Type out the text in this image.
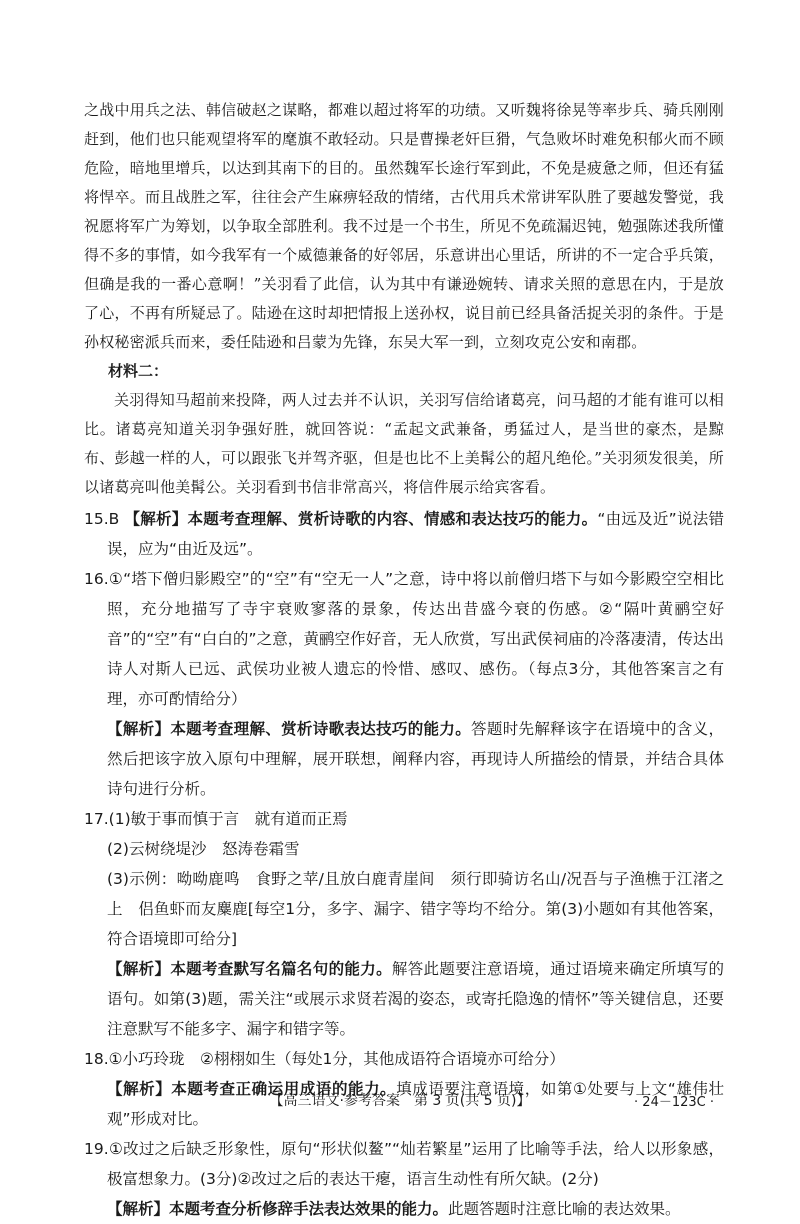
之战中用兵之法、韩信破赵之谋略，都难以超过将军的功绩。又听魏将徐晃等率步兵、骑兵刚刚赶到，他们也只能观望将军的麾旗不敢轻动。只是曹操老奸巨猾，气急败坏时难免积郁火而不顾危险，暗地里增兵，以达到其南下的目的。虽然魏军长途行军到此，不免是疲惫之师，但还有猛将悍卒。而且战胜之军，往往会产生麻痹轻敌的情绪，古代用兵术常讲军队胜了要越发警觉，我祝愿将军广为筹划，以争取全部胜利。我不过是一个书生，所见不免疏漏迟钝，勉强陈述我所懂得不多的事情，如今我军有一个威德兼备的好邻居，乐意讲出心里话，所讲的不一定合乎兵策，但确是我的一番心意啊！”关羽看了此信，认为其中有谦逊婉转、请求关照的意思在内，于是放了心，不再有所疑忌了。陆逊在这时却把情报上送孙权，说目前已经具备活捉关羽的条件。于是孙权秘密派兵而来，委任陆逊和吕蒙为先锋，东吴大军一到，立刻攻克公安和南郡。

材料二：

关羽得知马超前来投降，两人过去并不认识，关羽写信给诸葛亮，问马超的才能有谁可以相比。诸葛亮知道关羽争强好胜，就回答说：“孟起文武兼备，勇猛过人，是当世的豪杰，是黥布、彭越一样的人，可以跟张飞并驾齐驱，但是也比不上美髯公的超凡绝伦。”关羽须发很美，所以诸葛亮叫他美髯公。关羽看到书信非常高兴，将信件展示给宾客看。

15.B 【解析】本题考查理解、赏析诗歌的内容、情感和表达技巧的能力。“由远及近”说法错误，应为“由近及远”。

16.①“塔下僧归影殿空”的“空”有“空无一人”之意，诗中将以前僧归塔下与如今影殿空空相比照，充分地描写了寺宇衰败寥落的景象，传达出昔盛今衰的伤感。②“隔叶黄鹂空好音”的“空”有“白白的”之意，黄鹂空作好音，无人欣赏，写出武侯祠庙的冷落凄清，传达出诗人对斯人已远、武侯功业被人遗忘的怜惜、感叹、感伤。（每点3分，其他答案言之有理，亦可酌情给分）

【解析】本题考查理解、赏析诗歌表达技巧的能力。答题时先解释该字在语境中的含义，然后把该字放入原句中理解，展开联想，阐释内容，再现诗人所描绘的情景，并结合具体诗句进行分析。

17.(1)敏于事而慎于言　就有道而正焉

(2)云树绕堤沙　怒涛卷霜雪

(3)示例：呦呦鹿鸣　食野之苹/且放白鹿青崖间　须行即骑访名山/况吾与子渔樵于江渚之上　侣鱼虾而友麋鹿[每空1分，多字、漏字、错字等均不给分。第(3)小题如有其他答案，符合语境即可给分]

【解析】本题考查默写名篇名句的能力。解答此题要注意语境，通过语境来确定所填写的语句。如第(3)题，需关注“或展示求贤若渴的姿态，或寄托隐逸的情怀”等关键信息，还要注意默写不能多字、漏字和错字等。

18.①小巧玲珑　②栩栩如生（每处1分，其他成语符合语境亦可给分）

【解析】本题考查正确运用成语的能力。填成语要注意语境，如第①处要与上文“雄伟壮观”形成对比。

19.①改过之后缺乏形象性，原句“形状似鳌”“灿若繁星”运用了比喻等手法，给人以形象感，极富想象力。(3分)②改过之后的表达干瘪，语言生动性有所欠缺。(2分)

【解析】本题考查分析修辞手法表达效果的能力。此题答题时注意比喻的表达效果。

【高三语文·参考答案　第 3 页(共 5 页)】	· 24－123C ·
